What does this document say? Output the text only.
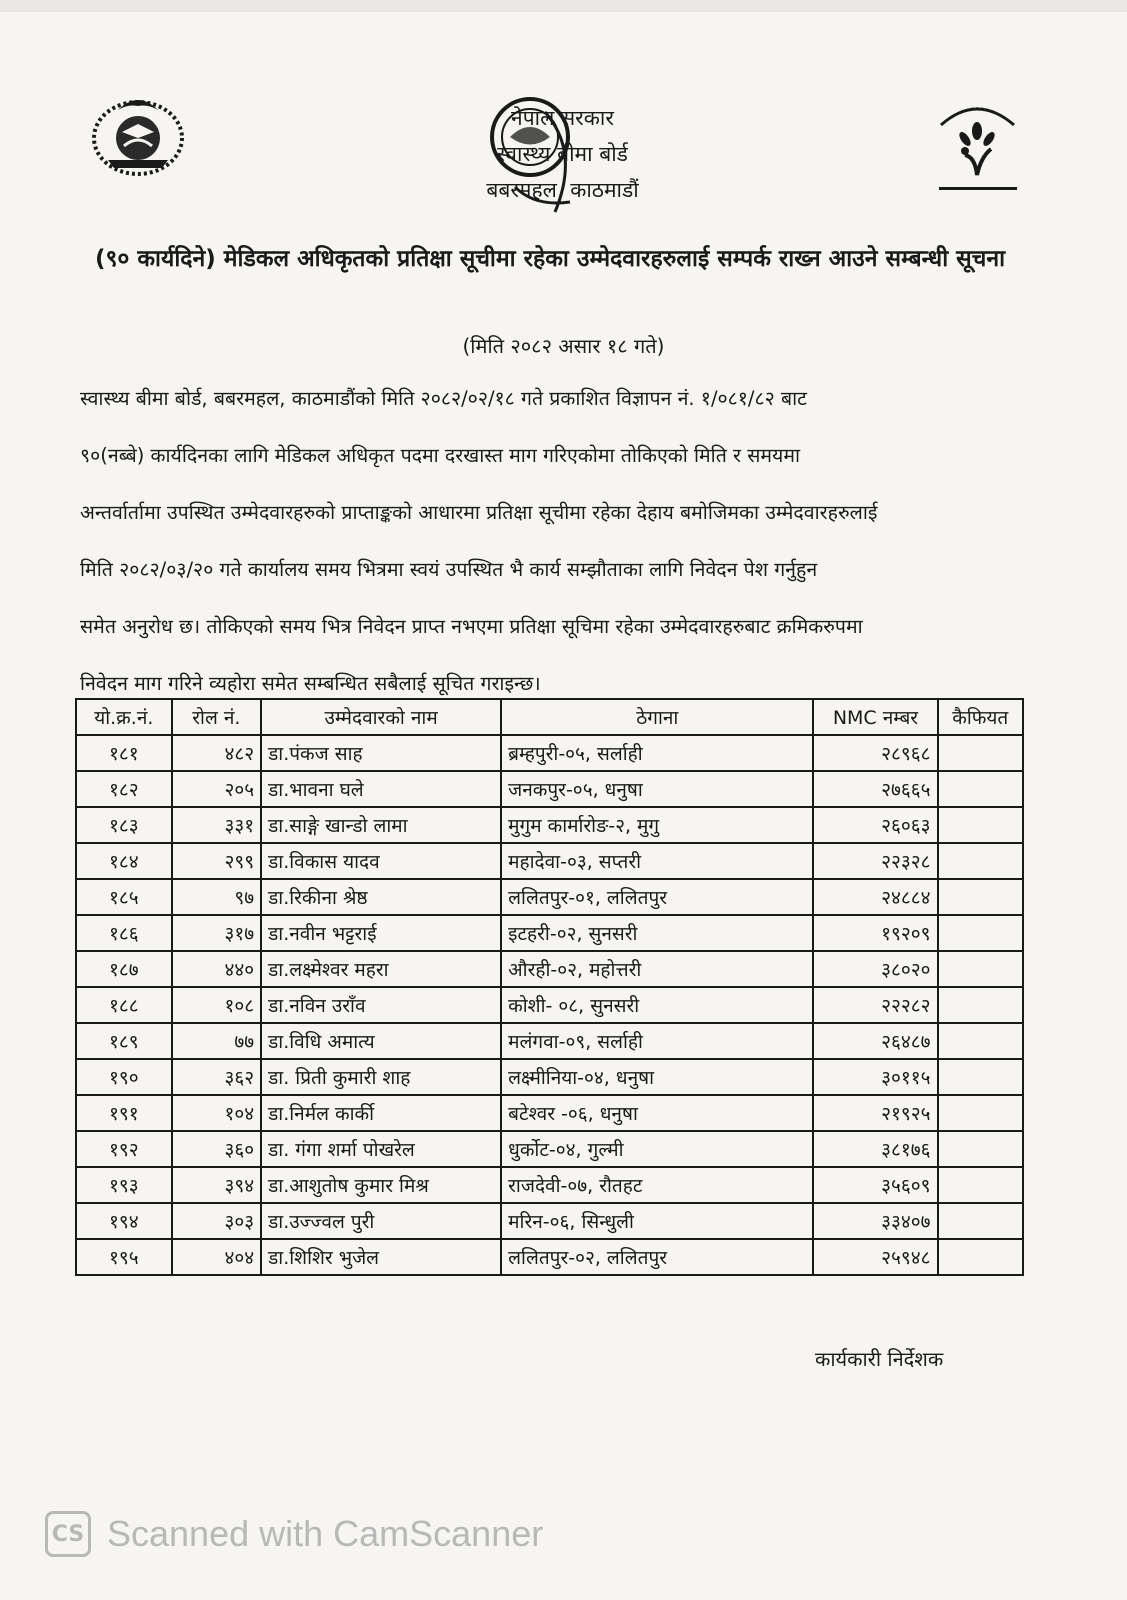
नेपाल सरकार
स्वास्थ्य बीमा बोर्ड
बबरमहल, काठमाडौं
(९० कार्यदिने) मेडिकल अधिकृतको प्रतिक्षा सूचीमा रहेका उम्मेदवारहरुलाई सम्पर्क राख्न आउने सम्बन्धी सूचना
(मिति २०८२ असार १८ गते)
स्वास्थ्य बीमा बोर्ड, बबरमहल, काठमाडौंको मिति २०८२/०२/१८ गते प्रकाशित विज्ञापन नं. १/०८१/८२ बाट
९०(नब्बे) कार्यदिनका लागि मेडिकल अधिकृत पदमा दरखास्त माग गरिएकोमा तोकिएको मिति र समयमा
अन्तर्वार्तामा उपस्थित उम्मेदवारहरुको प्राप्ताङ्कको आधारमा प्रतिक्षा सूचीमा रहेका देहाय बमोजिमका उम्मेदवारहरुलाई
मिति २०८२/०३/२० गते कार्यालय समय भित्रमा स्वयं उपस्थित भै कार्य सम्झौताका लागि निवेदन पेश गर्नुहुन
समेत अनुरोध छ। तोकिएको समय भित्र निवेदन प्राप्त नभएमा प्रतिक्षा सूचिमा रहेका उम्मेदवारहरुबाट क्रमिकरुपमा
निवेदन माग गरिने व्यहोरा समेत सम्बन्धित सबैलाई सूचित गराइन्छ।
यो.क्र.नं.	रोल नं.	उम्मेदवारको नाम	ठेगाना	NMC नम्बर	कैफियत
१८१	४८२	डा.पंकज साह	ब्रम्हपुरी-०५, सर्लाही	२८९६८	
१८२	२०५	डा.भावना घले	जनकपुर-०५, धनुषा	२७६६५	
१८३	३३१	डा.साङ्गे खान्डो लामा	मुगुम कार्मारोङ-२, मुगु	२६०६३	
१८४	२९९	डा.विकास यादव	महादेवा-०३, सप्तरी	२२३२८	
१८५	९७	डा.रिकीना श्रेष्ठ	ललितपुर-०१, ललितपुर	२४८८४	
१८६	३१७	डा.नवीन भट्टराई	इटहरी-०२, सुनसरी	१९२०९	
१८७	४४०	डा.लक्ष्मेश्वर महरा	औरही-०२, महोत्तरी	३८०२०	
१८८	१०८	डा.नविन उराँव	कोशी- ०८, सुनसरी	२२२८२	
१८९	७७	डा.विधि अमात्य	मलंगवा-०९, सर्लाही	२६४८७	
१९०	३६२	डा. प्रिती कुमारी शाह	लक्ष्मीनिया-०४, धनुषा	३०११५	
१९१	१०४	डा.निर्मल कार्की	बटेश्वर -०६, धनुषा	२१९२५	
१९२	३६०	डा. गंगा शर्मा पोखरेल	धुर्कोट-०४, गुल्मी	३८१७६	
१९३	३९४	डा.आशुतोष कुमार मिश्र	राजदेवी-०७, रौतहट	३५६०९	
१९४	३०३	डा.उज्ज्वल पुरी	मरिन-०६, सिन्धुली	३३४०७	
१९५	४०४	डा.शिशिर भुजेल	ललितपुर-०२, ललितपुर	२५९४८	
कार्यकारी निर्देशक
CS Scanned with CamScanner
